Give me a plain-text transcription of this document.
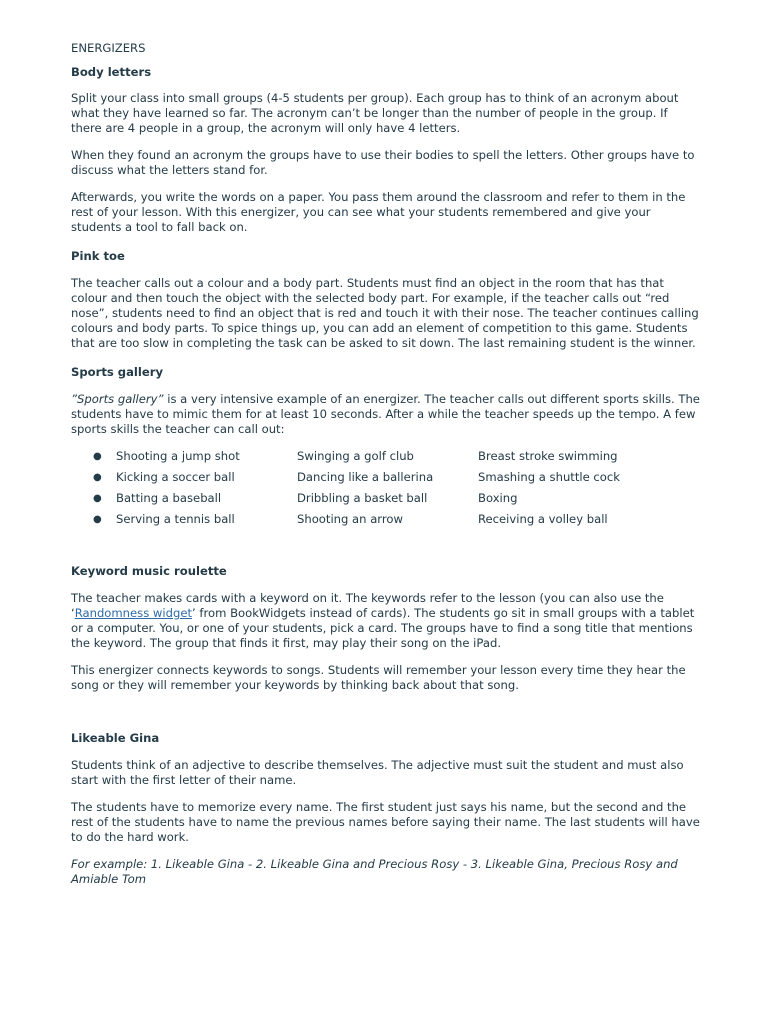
ENERGIZERS

Body letters

Split your class into small groups (4-5 students per group). Each group has to think of an acronym about what they have learned so far. The acronym can’t be longer than the number of people in the group. If there are 4 people in a group, the acronym will only have 4 letters.

When they found an acronym the groups have to use their bodies to spell the letters. Other groups have to discuss what the letters stand for.

Afterwards, you write the words on a paper. You pass them around the classroom and refer to them in the rest of your lesson. With this energizer, you can see what your students remembered and give your students a tool to fall back on.

Pink toe

The teacher calls out a colour and a body part. Students must find an object in the room that has that colour and then touch the object with the selected body part. For example, if the teacher calls out “red nose”, students need to find an object that is red and touch it with their nose. The teacher continues calling colours and body parts. To spice things up, you can add an element of competition to this game. Students that are too slow in completing the task can be asked to sit down. The last remaining student is the winner.

Sports gallery

”Sports gallery” is a very intensive example of an energizer. The teacher calls out different sports skills. The students have to mimic them for at least 10 seconds. After a while the teacher speeds up the tempo. A few sports skills the teacher can call out:

● Shooting a jump shot	Swinging a golf club	Breast stroke swimming
● Kicking a soccer ball	Dancing like a ballerina	Smashing a shuttle cock
● Batting a baseball	Dribbling a basket ball	Boxing
● Serving a tennis ball	Shooting an arrow	Receiving a volley ball

Keyword music roulette

The teacher makes cards with a keyword on it. The keywords refer to the lesson (you can also use the ‘Randomness widget’ from BookWidgets instead of cards). The students go sit in small groups with a tablet or a computer. You, or one of your students, pick a card. The groups have to find a song title that mentions the keyword. The group that finds it first, may play their song on the iPad.

This energizer connects keywords to songs. Students will remember your lesson every time they hear the song or they will remember your keywords by thinking back about that song.

Likeable Gina

Students think of an adjective to describe themselves. The adjective must suit the student and must also start with the first letter of their name.

The students have to memorize every name. The first student just says his name, but the second and the rest of the students have to name the previous names before saying their name. The last students will have to do the hard work.

For example: 1. Likeable Gina - 2. Likeable Gina and Precious Rosy - 3. Likeable Gina, Precious Rosy and Amiable Tom
